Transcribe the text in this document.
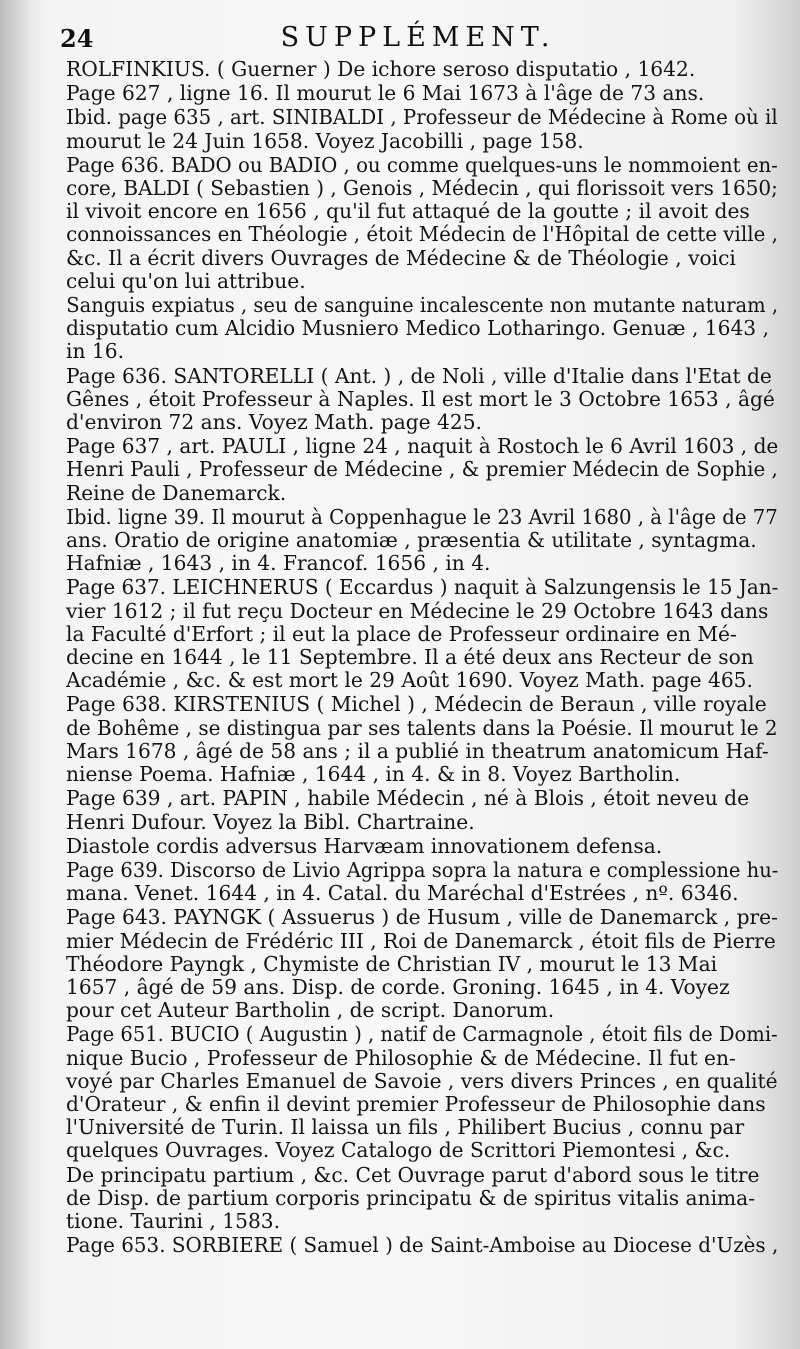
24	SUPPLÉMENT.
ROLFINKIUS. ( Guerner ) De ichore seroso disputatio , 1642.
Page 627 , ligne 16. Il mourut le 6 Mai 1673 à l'âge de 73 ans.
Ibid. page 635 , art. SINIBALDI , Professeur de Médecine à Rome où il
mourut le 24 Juin 1658. Voyez Jacobilli , page 158.
Page 636. BADO ou BADIO , ou comme quelques-uns le nommoient en-
core, BALDI ( Sebastien ) , Genois , Médecin , qui florissoit vers 1650;
il vivoit encore en 1656 , qu'il fut attaqué de la goutte ; il avoit des
connoissances en Théologie , étoit Médecin de l'Hôpital de cette ville ,
&c. Il a écrit divers Ouvrages de Médecine & de Théologie , voici
celui qu'on lui attribue.
Sanguis expiatus , seu de sanguine incalescente non mutante naturam ,
disputatio cum Alcidio Musniero Medico Lotharingo. Genuæ , 1643 ,
in 16.
Page 636. SANTORELLI ( Ant. ) , de Noli , ville d'Italie dans l'Etat de
Gênes , étoit Professeur à Naples. Il est mort le 3 Octobre 1653 , âgé
d'environ 72 ans. Voyez Math. page 425.
Page 637 , art. PAULI , ligne 24 , naquit à Rostoch le 6 Avril 1603 , de
Henri Pauli , Professeur de Médecine , & premier Médecin de Sophie ,
Reine de Danemarck.
Ibid. ligne 39. Il mourut à Coppenhague le 23 Avril 1680 , à l'âge de 77
ans. Oratio de origine anatomiæ , præsentia & utilitate , syntagma.
Hafniæ , 1643 , in 4. Francof. 1656 , in 4.
Page 637. LEICHNERUS ( Eccardus ) naquit à Salzungensis le 15 Jan-
vier 1612 ; il fut reçu Docteur en Médecine le 29 Octobre 1643 dans
la Faculté d'Erfort ; il eut la place de Professeur ordinaire en Mé-
decine en 1644 , le 11 Septembre. Il a été deux ans Recteur de son
Académie , &c. & est mort le 29 Août 1690. Voyez Math. page 465.
Page 638. KIRSTENIUS ( Michel ) , Médecin de Beraun , ville royale
de Bohême , se distingua par ses talents dans la Poésie. Il mourut le 2
Mars 1678 , âgé de 58 ans ; il a publié in theatrum anatomicum Haf-
niense Poema. Hafniæ , 1644 , in 4. & in 8. Voyez Bartholin.
Page 639 , art. PAPIN , habile Médecin , né à Blois , étoit neveu de
Henri Dufour. Voyez la Bibl. Chartraine.
Diastole cordis adversus Harvæam innovationem defensa.
Page 639. Discorso de Livio Agrippa sopra la natura e complessione hu-
mana. Venet. 1644 , in 4. Catal. du Maréchal d'Estrées , nº. 6346.
Page 643. PAYNGK ( Assuerus ) de Husum , ville de Danemarck , pre-
mier Médecin de Frédéric III , Roi de Danemarck , étoit fils de Pierre
Théodore Payngk , Chymiste de Christian IV , mourut le 13 Mai
1657 , âgé de 59 ans. Disp. de corde. Groning. 1645 , in 4. Voyez
pour cet Auteur Bartholin , de script. Danorum.
Page 651. BUCIO ( Augustin ) , natif de Carmagnole , étoit fils de Domi-
nique Bucio , Professeur de Philosophie & de Médecine. Il fut en-
voyé par Charles Emanuel de Savoie , vers divers Princes , en qualité
d'Orateur , & enfin il devint premier Professeur de Philosophie dans
l'Université de Turin. Il laissa un fils , Philibert Bucius , connu par
quelques Ouvrages. Voyez Catalogo de Scrittori Piemontesi , &c.
De principatu partium , &c. Cet Ouvrage parut d'abord sous le titre
de Disp. de partium corporis principatu & de spiritus vitalis anima-
tione. Taurini , 1583.
Page 653. SORBIERE ( Samuel ) de Saint-Amboise au Diocese d'Uzès ,
